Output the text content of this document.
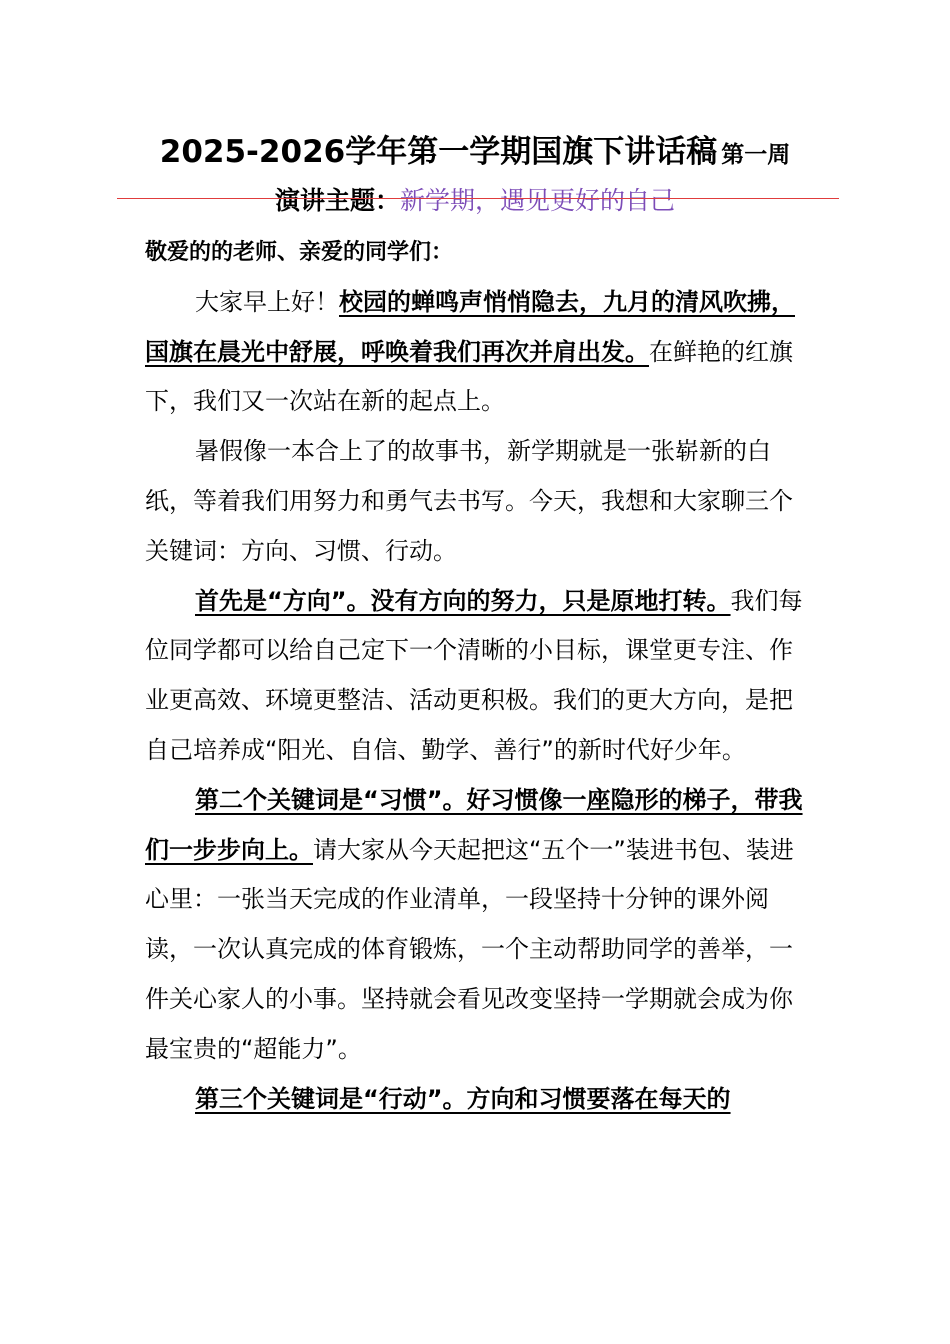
2025-2026学年第一学期国旗下讲话稿 第一周
演讲主题：新学期，遇见更好的自己

敬爱的的老师、亲爱的同学们：

大家早上好！校园的蝉鸣声悄悄隐去，九月的清风吹拂，国旗在晨光中舒展，呼唤着我们再次并肩出发。在鲜艳的红旗下，我们又一次站在新的起点上。

暑假像一本合上了的故事书，新学期就是一张崭新的白纸，等着我们用努力和勇气去书写。今天，我想和大家聊三个关键词：方向、习惯、行动。

首先是“方向”。没有方向的努力，只是原地打转。我们每位同学都可以给自己定下一个清晰的小目标，课堂更专注、作业更高效、环境更整洁、活动更积极。我们的更大方向，是把自己培养成“阳光、自信、勤学、善行”的新时代好少年。

第二个关键词是“习惯”。好习惯像一座隐形的梯子，带我们一步步向上。请大家从今天起把这“五个一”装进书包、装进心里：一张当天完成的作业清单，一段坚持十分钟的课外阅读，一次认真完成的体育锻炼，一个主动帮助同学的善举，一件关心家人的小事。坚持就会看见改变坚持一学期就会成为你最宝贵的“超能力”。

第三个关键词是“行动”。方向和习惯要落在每天的
